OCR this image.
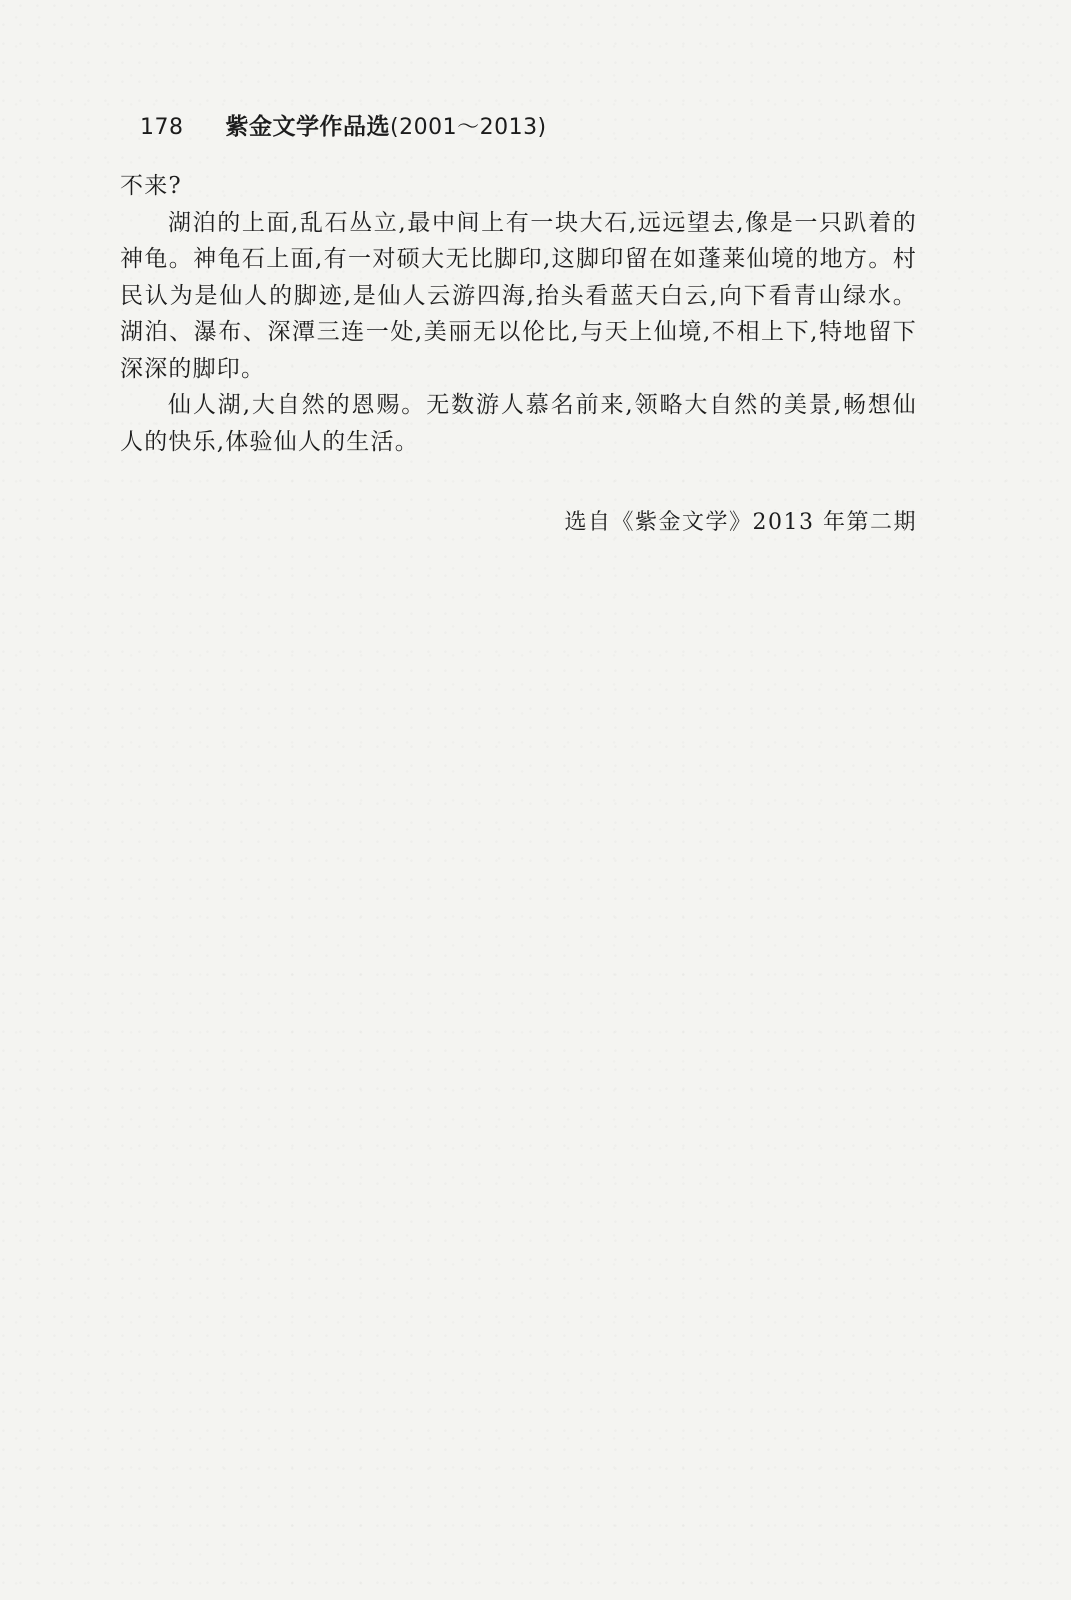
178 紫金文学作品选(2001～2013)

不来?

湖泊的上面,乱石丛立,最中间上有一块大石,远远望去,像是一只趴着的神龟。神龟石上面,有一对硕大无比脚印,这脚印留在如蓬莱仙境的地方。村民认为是仙人的脚迹,是仙人云游四海,抬头看蓝天白云,向下看青山绿水。湖泊、瀑布、深潭三连一处,美丽无以伦比,与天上仙境,不相上下,特地留下深深的脚印。

仙人湖,大自然的恩赐。无数游人慕名前来,领略大自然的美景,畅想仙人的快乐,体验仙人的生活。

选自《紫金文学》2013 年第二期
